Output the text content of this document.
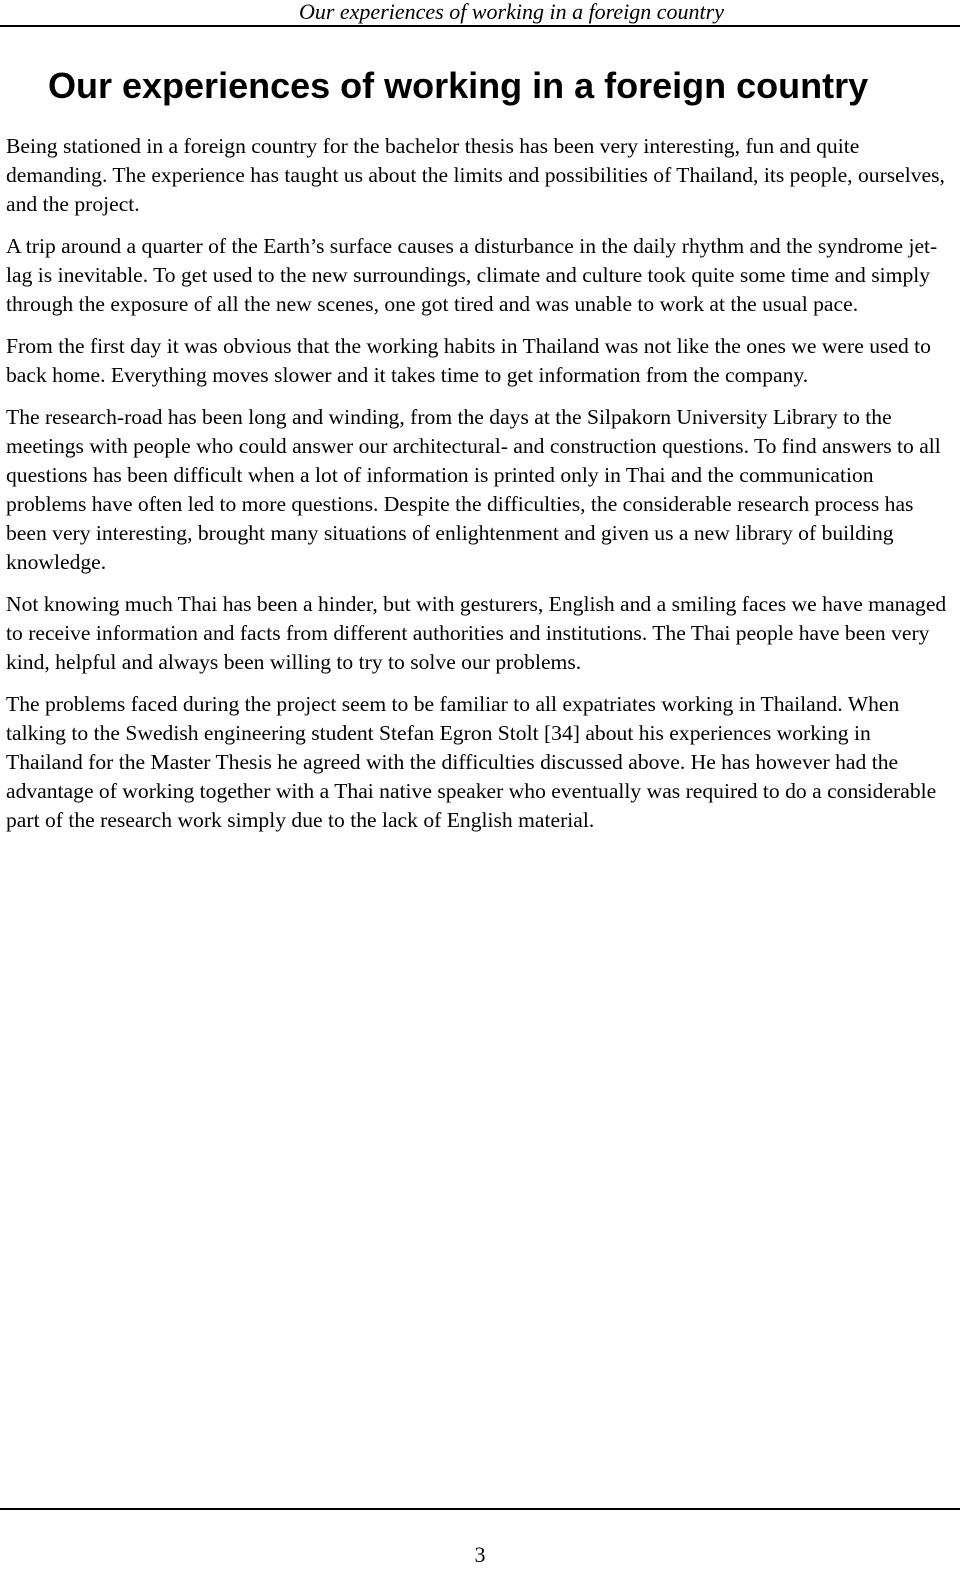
Our experiences of working in a foreign country
Our experiences of working in a foreign country

Being stationed in a foreign country for the bachelor thesis has been very interesting, fun and quite demanding. The experience has taught us about the limits and possibilities of Thailand, its people, ourselves, and the project.

A trip around a quarter of the Earth’s surface causes a disturbance in the daily rhythm and the syndrome jet-lag is inevitable. To get used to the new surroundings, climate and culture took quite some time and simply through the exposure of all the new scenes, one got tired and was unable to work at the usual pace.

From the first day it was obvious that the working habits in Thailand was not like the ones we were used to back home. Everything moves slower and it takes time to get information from the company.

The research-road has been long and winding, from the days at the Silpakorn University Library to the meetings with people who could answer our architectural- and construction questions. To find answers to all questions has been difficult when a lot of information is printed only in Thai and the communication problems have often led to more questions. Despite the difficulties, the considerable research process has been very interesting, brought many situations of enlightenment and given us a new library of building knowledge.

Not knowing much Thai has been a hinder, but with gesturers, English and a smiling faces we have managed to receive information and facts from different authorities and institutions. The Thai people have been very kind, helpful and always been willing to try to solve our problems.

The problems faced during the project seem to be familiar to all expatriates working in Thailand. When talking to the Swedish engineering student Stefan Egron Stolt [34] about his experiences working in Thailand for the Master Thesis he agreed with the difficulties discussed above. He has however had the advantage of working together with a Thai native speaker who eventually was required to do a considerable part of the research work simply due to the lack of English material.

3
